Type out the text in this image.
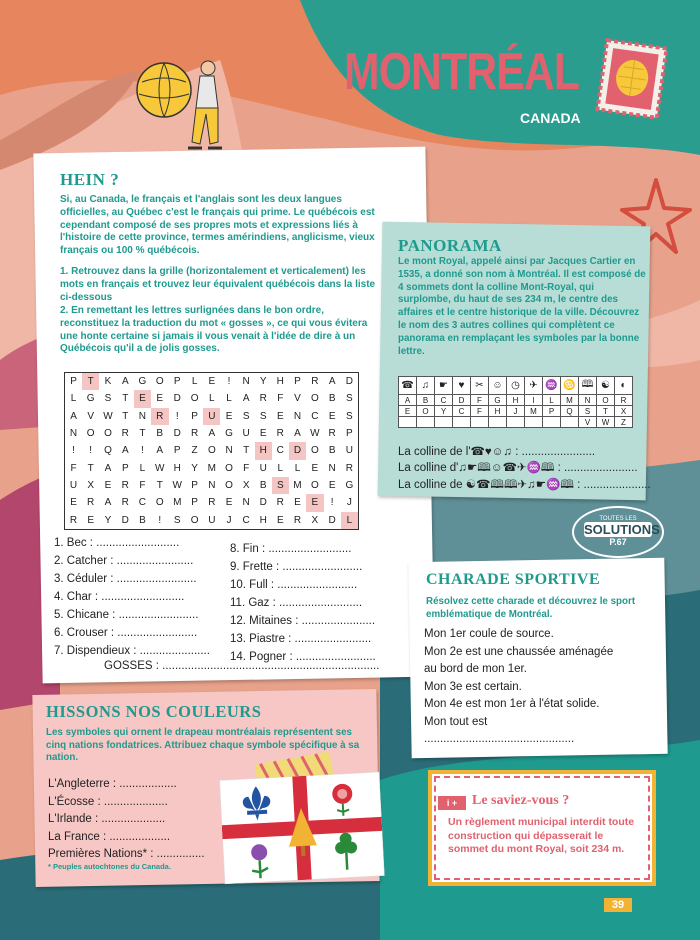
MONTRÉAL
CANADA
HEIN ?
Si, au Canada, le français et l'anglais sont les deux langues officielles, au Québec c'est le français qui prime. Le québécois est cependant composé de ses propres mots et expressions liés à l'histoire de cette province, termes amérindiens, anglicisme, vieux français ou 100 % québécois.
1. Retrouvez dans la grille (horizontalement et verticalement) les mots en français et trouvez leur équivalent québécois dans la liste ci-dessous
2. En remettant les lettres surlignées dans le bon ordre, reconstituez la traduction du mot « gosses », ce qui vous évitera une honte certaine si jamais il vous venait à l'idée de dire à un Québécois qu'il a de jolis gosses.
P	T	K	A	G	O	P	L	E	!	N	Y	H	P	R	A	D
L	G	S	T	E	E	D	O	L	L	A	R	F	V	O	B	S
A	V	W	T	N	R	!	P	U	E	S	S	E	N	C	E	S
N	O	O	R	T	B	D	R	A	G	U	E	R	A	W	R	P
!	!	Q	A	!	A	P	Z	O	N	T	H	C	D	O	B	U
F	T	A	P	L	W	H	Y	M	O	F	U	L	L	E	N	R
U	X	E	R	F	T	W	P	N	O	X	B	S	M	O	E	G
E	R	A	R	C	O	M	P	R	E	N	D	R	E	E	!	J
R	E	Y	D	B	!	S	O	U	J	C	H	E	R	X	D	L
1. Bec : ..........................
2. Catcher : ........................
3. Céduler : .........................
4. Char : ..........................
5. Chicane : .........................
6. Crouser : .........................
7. Dispendieux : ......................
8. Fin : ..........................
9. Frette : .........................
10. Full : .........................
11. Gaz : ..........................
12. Mitaines : .......................
13. Piastre : ........................
14. Pogner : .........................
GOSSES : ....................................................................
PANORAMA
Le mont Royal, appelé ainsi par Jacques Cartier en 1535, a donné son nom à Montréal. Il est composé de 4 sommets dont la colline Mont-Royal, qui surplombe, du haut de ses 234 m, le centre des affaires et le centre historique de la ville. Découvrez le nom des 3 autres collines qui complètent ce panorama en remplaçant les symboles par la bonne lettre.
☎	♫	☛	♥	✂	☺	◷	✈	♒	♋	🕮	☯	◐
A	B	C	D	F	G	H	I	L	M	N	O	R
E	O	Y	C	F	H	J	M	P	Q	S	T	X
										V	W	Z
La colline de l'☎♥☺♫ : .......................
La colline d'♫☛🕮☺☎✈♒🕮 : .......................
La colline de ☯☎🕮🕮✈♫☛♒🕮 : .....................
TOUTES LES
SOLUTIONS
P.67
CHARADE SPORTIVE
Résolvez cette charade et découvrez le sport emblématique de Montréal.
Mon 1er coule de source.
Mon 2e est une chaussée aménagée
au bord de mon 1er.
Mon 3e est certain.
Mon 4e est mon 1er à l'état solide.
Mon tout est
...............................................
HISSONS NOS COULEURS
Les symboles qui ornent le drapeau montréalais représentent ses cinq nations fondatrices. Attribuez chaque symbole spécifique à sa nation.
L'Angleterre : ..................
L'Écosse : ....................
L'Irlande : ....................
La France : ...................
Premières Nations* : ...............
* Peuples autochtones du Canada.
i +	Le saviez-vous ?
Un règlement municipal interdit toute construction qui dépasserait le sommet du mont Royal, soit 234 m.
39
